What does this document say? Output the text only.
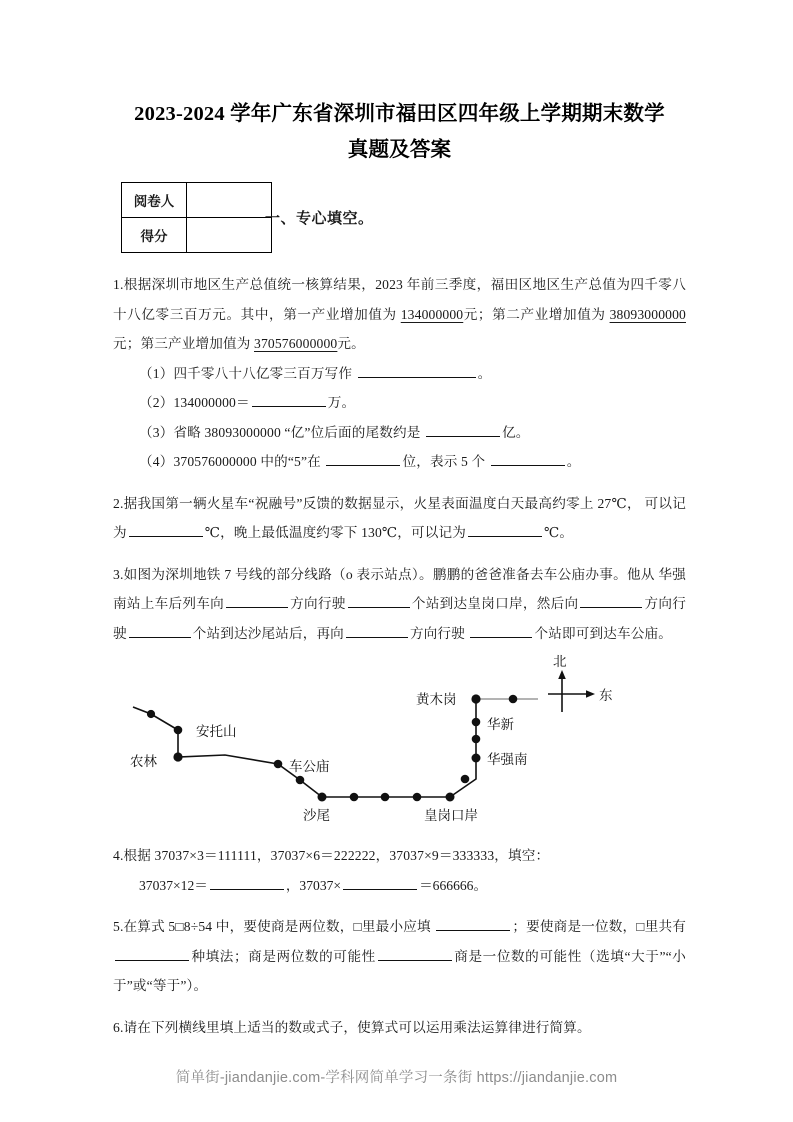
2023-2024 学年广东省深圳市福田区四年级上学期期末数学
真题及答案
阅卷人	
得分	
一、专心填空。
1.根据深圳市地区生产总值统一核算结果，2023 年前三季度，福田区地区生产总值为四千零八十八亿零三百万元。其中，第一产业增加值为 134000000元；第二产业增加值为 38093000000元；第三产业增加值为 370576000000元。
（1）四千零八十八亿零三百万写作	。
（2）134000000＝	万。
（3）省略 38093000000 “亿”位后面的尾数约是	亿。
（4）370576000000 中的“5”在	位，表示 5 个	。
2.据我国第一辆火星车“祝融号”反馈的数据显示，火星表面温度白天最高约零上 27℃， 可以记为	℃，晚上最低温度约零下 130℃，可以记为	℃。
3.如图为深圳地铁 7 号线的部分线路（o 表示站点）。鹏鹏的爸爸准备去车公庙办事。他从 华强南站上车后列车向	方向行驶	个站到达皇岗口岸，然后向	方向行驶	个站到达沙尾站后，再向	方向行驶	个站即可到达车公庙。
安托山
农林	车公庙
沙尾	皇岗口岸
黄木岗
华新
华强南
北
东
4.根据 37037×3＝111111，37037×6＝222222，37037×9＝333333，填空：
37037×12＝	，37037×	＝666666。
5.在算式 5□8÷54 中，要使商是两位数，□里最小应填	；要使商是一位数，□里共有 种填法；商是两位数的可能性	商是一位数的可能性（选填“大于”“小于”或“等于”）。
6.请在下列横线里填上适当的数或式子，使算式可以运用乘法运算律进行简算。
简单街-jiandanjie.com-学科网简单学习一条街 https://jiandanjie.com
